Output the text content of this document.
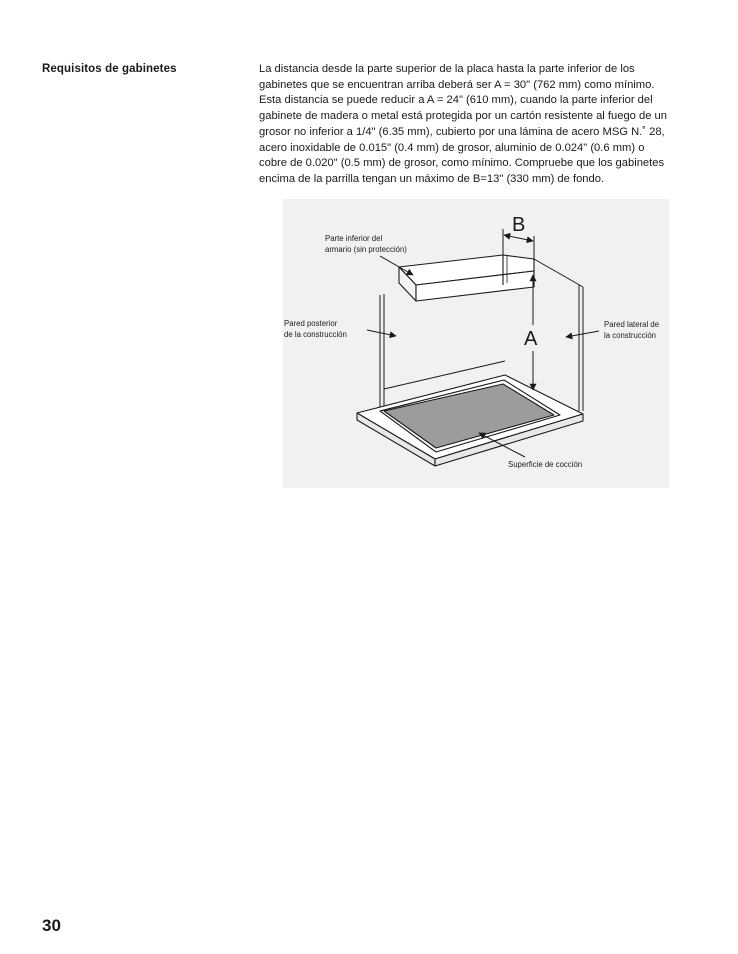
Requisitos de gabinetes	La distancia desde la parte superior de la placa hasta la parte inferior de los
gabinetes que se encuentran arriba deberá ser A = 30" (762 mm) como mínimo.
Esta distancia se puede reducir a A = 24" (610 mm), cuando la parte inferior del
gabinete de madera o metal está protegida por un cartón resistente al fuego de un
grosor no inferior a 1/4" (6.35 mm), cubierto por una lámina de acero MSG N.˚ 28,
acero inoxidable de 0.015" (0.4 mm) de grosor, aluminio de 0.024" (0.6 mm) o
cobre de 0.020" (0.5 mm) de grosor, como mínimo. Compruebe que los gabinetes
encima de la parrilla tengan un máximo de B=13" (330 mm) de fondo.
B
A
Parte inferior del armario (sin protección)
Pared posterior de la construcción
Pared lateral de la construcción
Superficie de cocción
30
